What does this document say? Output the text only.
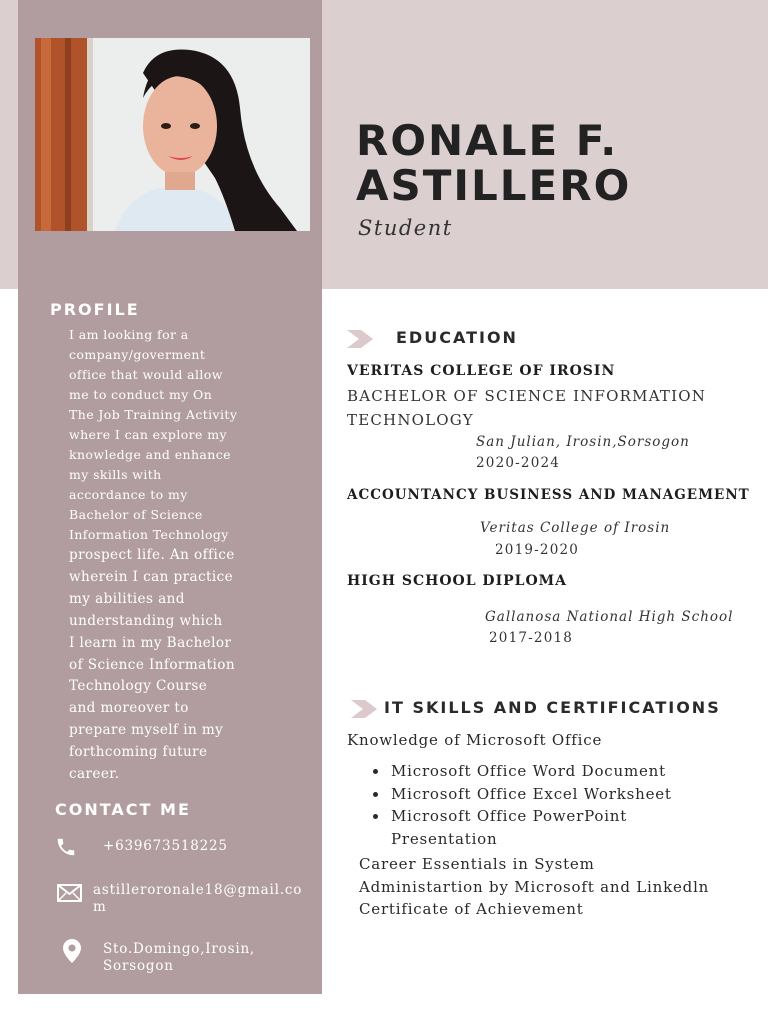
RONALE F.
ASTILLERO
Student
PROFILE
I am looking for a
company/goverment
office that would allow
me to conduct my On
The Job Training Activity
where I can explore my
knowledge and enhance
my skills with
accordance to my
Bachelor of Science
Information Technology
prospect life. An office
wherein I can practice
my abilities and
understanding which
I learn in my Bachelor
of Science Information
Technology Course
and moreover to
prepare myself in my
forthcoming future
career.
CONTACT ME
+639673518225
astilleroronale18@gmail.co
m
Sto.Domingo,Irosin,
Sorsogon
EDUCATION
VERITAS COLLEGE OF IROSIN
BACHELOR OF SCIENCE INFORMATION
TECHNOLOGY
San Julian, Irosin,Sorsogon
2020-2024
ACCOUNTANCY BUSINESS AND MANAGEMENT
Veritas College of Irosin
2019-2020
HIGH SCHOOL DIPLOMA
Gallanosa National High School
2017-2018
IT SKILLS AND CERTIFICATIONS
Knowledge of Microsoft Office
Microsoft Office Word Document
Microsoft Office Excel Worksheet
Microsoft Office PowerPoint Presentation
Career Essentials in System
Administartion by Microsoft and Linkedln
Certificate of Achievement
